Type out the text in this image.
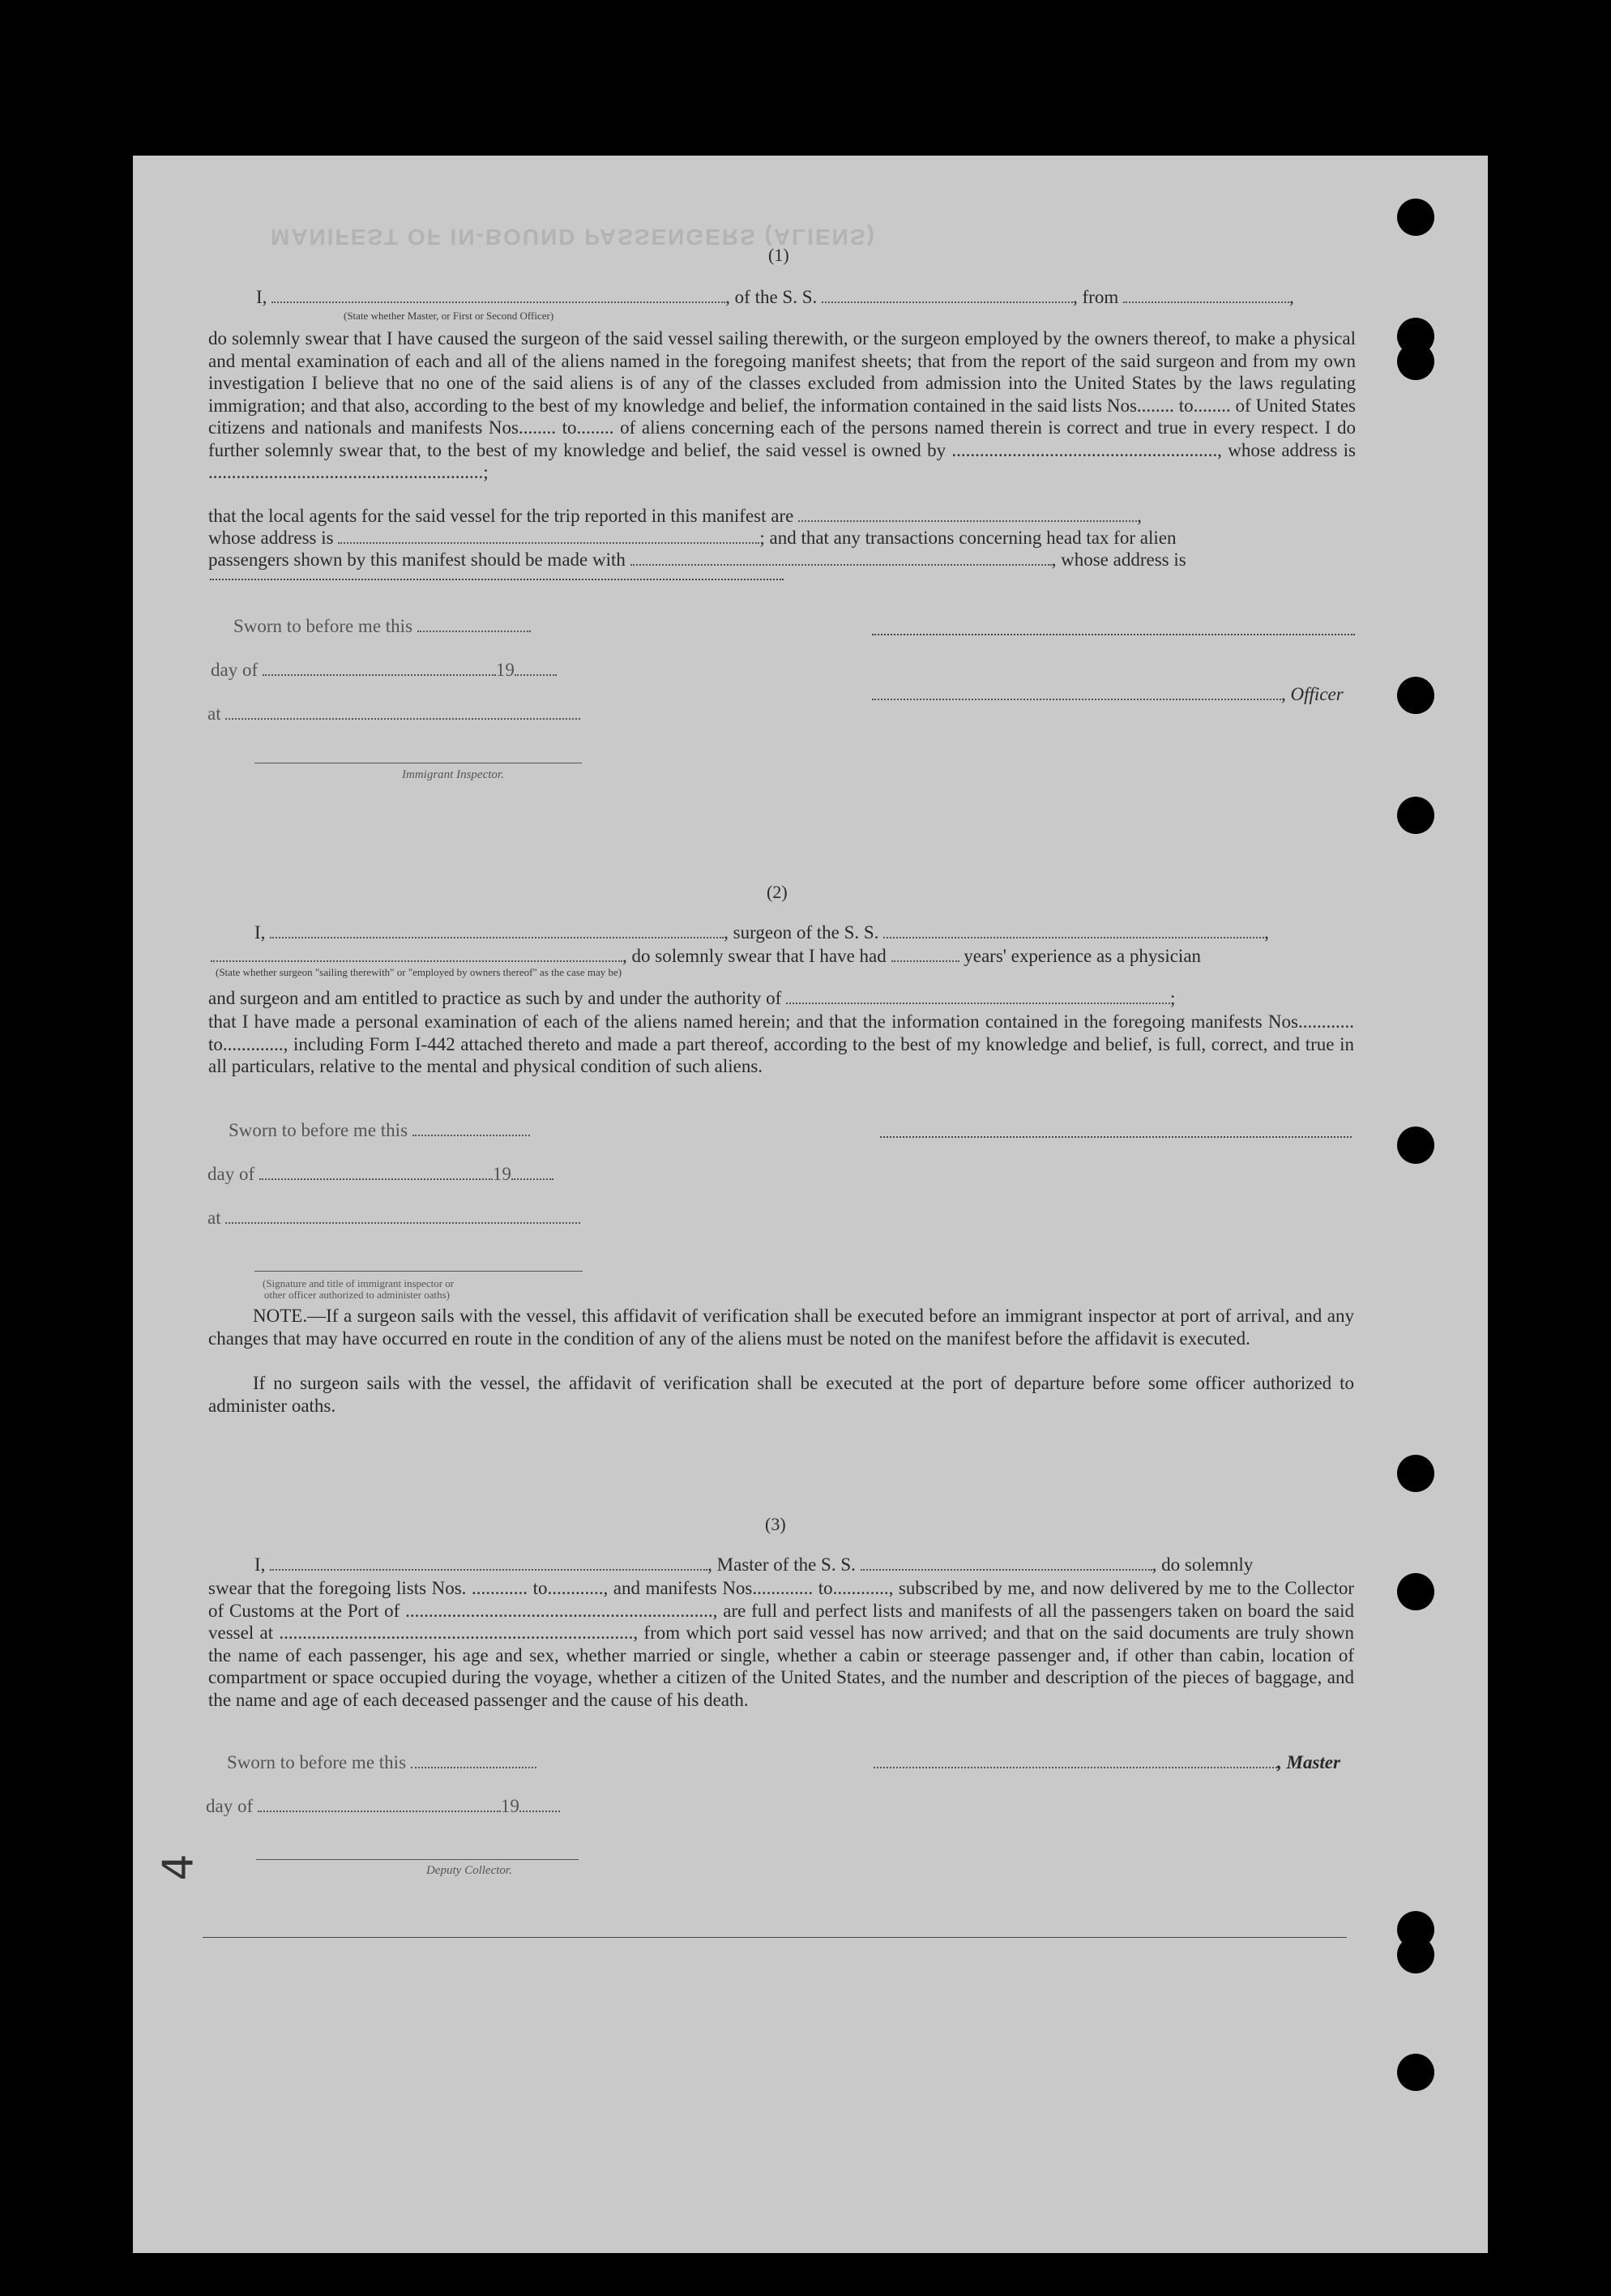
MANIFEST OF IN-BOUND PASSENGERS (ALIENS)
(1)
I,	, of the S. S.	, from	,
(State whether Master, or First or Second Officer)
do solemnly swear that I have caused the surgeon of the said vessel sailing therewith, or the surgeon employed by the owners thereof, to make a physical and mental examination of each and all of the aliens named in the foregoing manifest sheets; that from the report of the said surgeon and from my own investigation I believe that no one of the said aliens is of any of the classes excluded from admission into the United States by the laws regulating immigration; and that also, according to the best of my knowledge and belief, the information contained in the said lists Nos........ to........ of United States citizens and nationals and manifests Nos........ to........ of aliens concerning each of the persons named therein is correct and true in every respect. I do further solemnly swear that, to the best of my knowledge and belief, the said vessel is owned by ........................................................., whose address is ...........................................................;
that the local agents for the said vessel for the trip reported in this manifest are	,
whose address is	; and that any transactions concerning head tax for alien
passengers shown by this manifest should be made with	, whose address is
Sworn to before me this
day of	19
, Officer
at
Immigrant Inspector.
(2)
I,	, surgeon of the S. S.	,
, do solemnly swear that I have had	years' experience as a physician
(State whether surgeon "sailing therewith" or "employed by owners thereof" as the case may be)
and surgeon and am entitled to practice as such by and under the authority of	;
that I have made a personal examination of each of the aliens named herein; and that the information contained in the foregoing manifests Nos............ to............., including Form I-442 attached thereto and made a part thereof, according to the best of my knowledge and belief, is full, correct, and true in all particulars, relative to the mental and physical condition of such aliens.
Sworn to before me this
day of	19
at
(Signature and title of immigrant inspector or
other officer authorized to administer oaths)
NOTE.—If a surgeon sails with the vessel, this affidavit of verification shall be executed before an immigrant inspector at port of arrival, and any changes that may have occurred en route in the condition of any of the aliens must be noted on the manifest before the affidavit is executed.
If no surgeon sails with the vessel, the affidavit of verification shall be executed at the port of departure before some officer authorized to administer oaths.
(3)
I,	, Master of the S. S.	, do solemnly
swear that the foregoing lists Nos. ............ to............, and manifests Nos............. to............, subscribed by me, and now delivered by me to the Collector of Customs at the Port of .................................................................., are full and perfect lists and manifests of all the passengers taken on board the said vessel at ............................................................................, from which port said vessel has now arrived; and that on the said documents are truly shown the name of each passenger, his age and sex, whether married or single, whether a cabin or steerage passenger and, if other than cabin, location of compartment or space occupied during the voyage, whether a citizen of the United States, and the number and description of the pieces of baggage, and the name and age of each deceased passenger and the cause of his death.
Sworn to before me this	, Master
day of	19
Deputy Collector.
4
